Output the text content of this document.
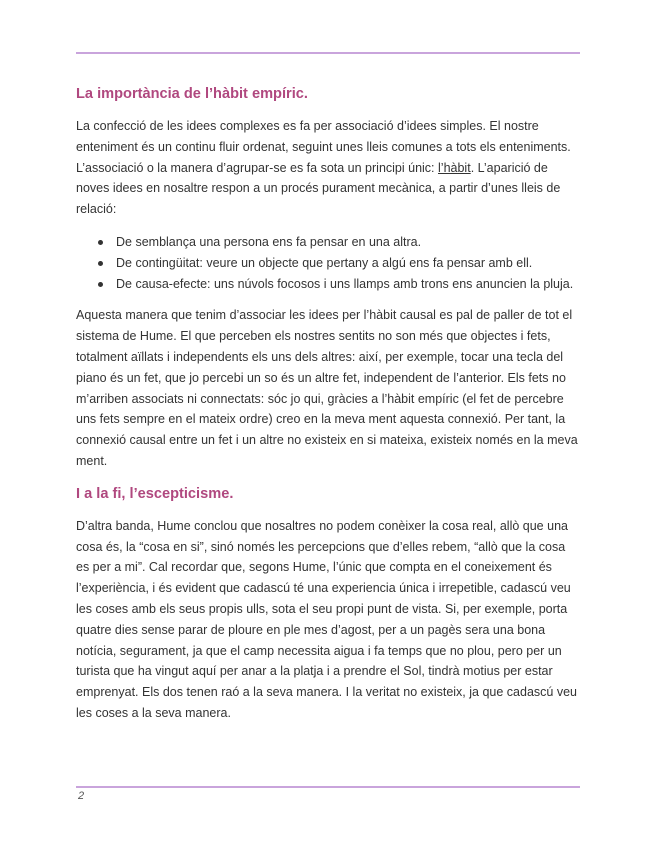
La importància de l’hàbit empíric.

La confecció de les idees complexes es fa per associació d’idees simples. El nostre enteniment és un continu fluir ordenat, seguint unes lleis comunes a tots els enteniments. L’associació o la manera d’agrupar-se es fa sota un principi únic: l’hàbit. L’aparició de noves idees en nosaltre respon a un procés purament mecànica, a partir d’unes lleis de relació:

De semblança una persona ens fa pensar en una altra.
De contingüitat: veure un objecte que pertany a algú ens fa pensar amb ell.
De causa-efecte: uns núvols focosos i uns llamps amb trons ens anuncien la pluja.

Aquesta manera que tenim d’associar les idees per l’hàbit causal es pal de paller de tot el sistema de Hume. El que perceben els nostres sentits no son més que objectes i fets, totalment aïllats i independents els uns dels altres: així, per exemple, tocar una tecla del piano és un fet, que jo percebi un so és un altre fet, independent de l’anterior. Els fets no m’arriben associats ni connectats: sóc jo qui, gràcies a l’hàbit empíric (el fet de percebre uns fets sempre en el mateix ordre) creo en la meva ment aquesta connexió. Per tant, la connexió causal entre un fet i un altre no existeix en si mateixa, existeix només en la meva ment.

I a la fi, l’escepticisme.

D’altra banda, Hume conclou que nosaltres no podem conèixer la cosa real, allò que una cosa és, la “cosa en si”, sinó només les percepcions que d’elles rebem, “allò que la cosa es per a mi”. Cal recordar que, segons Hume, l’únic que compta en el coneixement és l’experiència, i és evident que cadascú té una experiencia única i irrepetible, cadascú veu les coses amb els seus propis ulls, sota el seu propi punt de vista. Si, per exemple, porta quatre dies sense parar de ploure en ple mes d’agost, per a un pagès sera una bona notícia, segurament, ja que el camp necessita aigua i fa temps que no plou, pero per un turista que ha vingut aquí per anar a la platja i a prendre el Sol, tindrà motius per estar emprenyat. Els dos tenen raó a la seva manera. I la veritat no existeix, ja que cadascú veu les coses a la seva manera.

2
